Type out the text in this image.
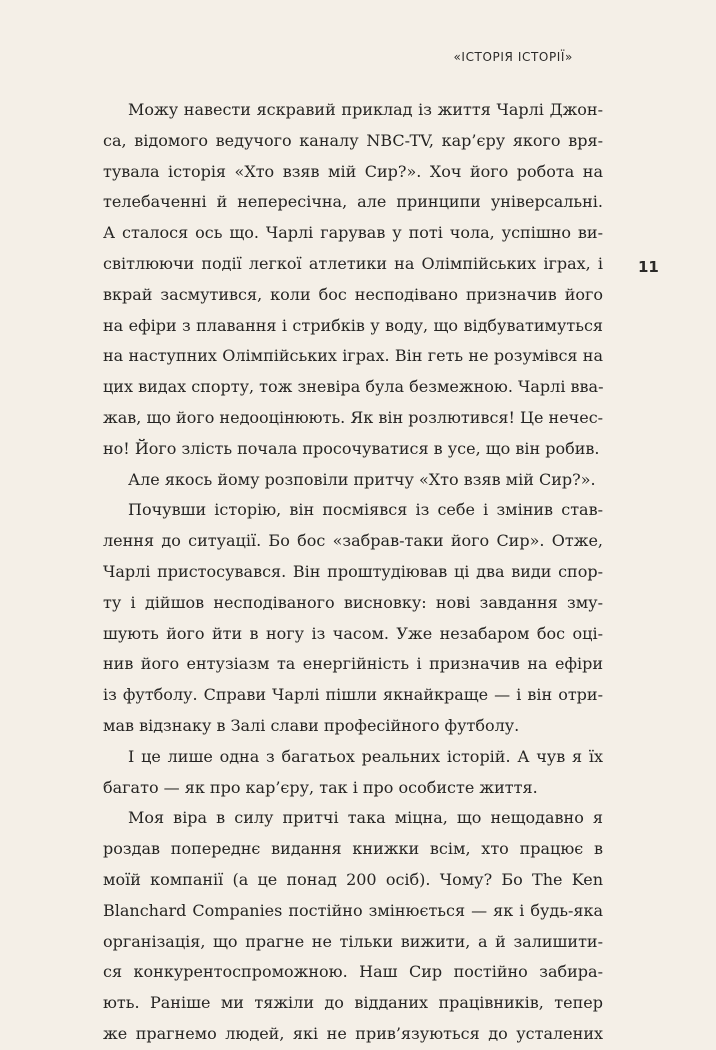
«ІСТОРІЯ ІСТОРІЇ»
11
Можу навести яскравий приклад із життя Чарлі Джон-
са, відомого ведучого каналу NBC-TV, кар’єру якого вря-
тувала історія «Хто взяв мій Сир?». Хоч його робота на
телебаченні й непересічна, але принципи універсальні.
А сталося ось що. Чарлі гарував у поті чола, успішно ви-
світлюючи події легкої атлетики на Олімпійських іграх, і
вкрай засмутився, коли бос несподівано призначив його
на ефіри з плавання і стрибків у воду, що відбуватимуться
на наступних Олімпійських іграх. Він геть не розумівся на
цих видах спорту, тож зневіра була безмежною. Чарлі вва-
жав, що його недооцінюють. Як він розлютився! Це нечес-
но! Його злість почала просочуватися в усе, що він робив.
Але якось йому розповіли притчу «Хто взяв мій Сир?».
Почувши історію, він посміявся із себе і змінив став-
лення до ситуації. Бо бос «забрав-таки його Сир». Отже,
Чарлі пристосувався. Він проштудіював ці два види спор-
ту і дійшов несподіваного висновку: нові завдання зму-
шують його йти в ногу із часом. Уже незабаром бос оці-
нив його ентузіазм та енергійність і призначив на ефіри
із футболу. Справи Чарлі пішли якнайкраще — і він отри-
мав відзнаку в Залі слави професійного футболу.
І це лише одна з багатьох реальних історій. А чув я їх
багато — як про кар’єру, так і про особисте життя.
Моя віра в силу притчі така міцна, що нещодавно я
роздав попереднє видання книжки всім, хто працює в
моїй компанії (а це понад 200 осіб). Чому? Бо The Ken
Blanchard Companies постійно змінюється — як і будь-яка
організація, що прагне не тільки вижити, а й залишити-
ся конкурентоспроможною. Наш Сир постійно забира-
ють. Раніше ми тяжіли до відданих працівників, тепер
же прагнемо людей, які не прив’язуються до усталених
